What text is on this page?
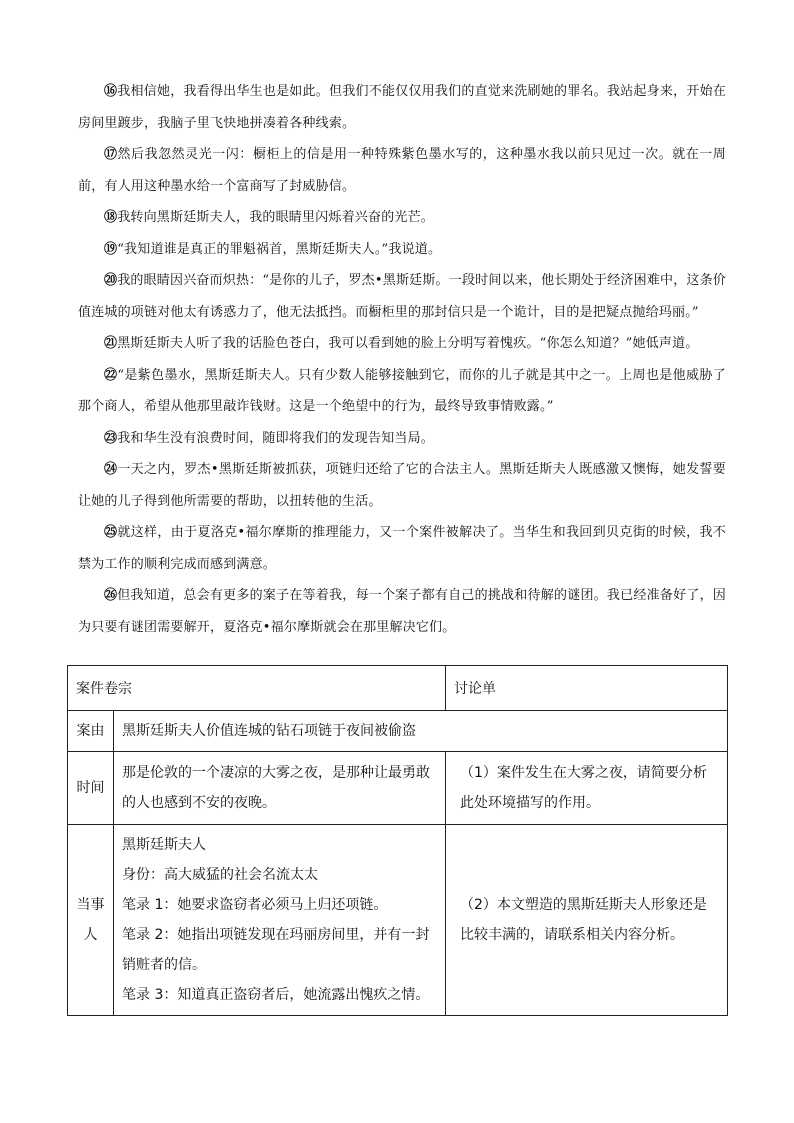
⑯我相信她，我看得出华生也是如此。但我们不能仅仅用我们的直觉来洗刷她的罪名。我站起身来，开始在房间里踱步，我脑子里飞快地拼凑着各种线索。

⑰然后我忽然灵光一闪：橱柜上的信是用一种特殊紫色墨水写的，这种墨水我以前只见过一次。就在一周前，有人用这种墨水给一个富商写了封威胁信。

⑱我转向黑斯廷斯夫人，我的眼睛里闪烁着兴奋的光芒。

⑲“我知道谁是真正的罪魁祸首，黑斯廷斯夫人。”我说道。

⑳我的眼睛因兴奋而炽热：“是你的儿子，罗杰•黑斯廷斯。一段时间以来，他长期处于经济困难中，这条价值连城的项链对他太有诱惑力了，他无法抵挡。而橱柜里的那封信只是一个诡计，目的是把疑点抛给玛丽。”

㉑黑斯廷斯夫人听了我的话脸色苍白，我可以看到她的脸上分明写着愧疚。“你怎么知道？”她低声道。

㉒“是紫色墨水，黑斯廷斯夫人。只有少数人能够接触到它，而你的儿子就是其中之一。上周也是他威胁了那个商人，希望从他那里敲诈钱财。这是一个绝望中的行为，最终导致事情败露。”

㉓我和华生没有浪费时间，随即将我们的发现告知当局。

㉔一天之内，罗杰•黑斯廷斯被抓获，项链归还给了它的合法主人。黑斯廷斯夫人既感激又懊悔，她发誓要让她的儿子得到他所需要的帮助，以扭转他的生活。

㉕就这样，由于夏洛克•福尔摩斯的推理能力，又一个案件被解决了。当华生和我回到贝克街的时候，我不禁为工作的顺利完成而感到满意。

㉖但我知道，总会有更多的案子在等着我，每一个案子都有自己的挑战和待解的谜团。我已经准备好了，因为只要有谜团需要解开，夏洛克•福尔摩斯就会在那里解决它们。

案件卷宗		讨论单
案由	黑斯廷斯夫人价值连城的钻石项链于夜间被偷盗	
时间	那是伦敦的一个凄凉的大雾之夜，是那种让最勇敢的人也感到不安的夜晚。	（1）案件发生在大雾之夜，请简要分析此处环境描写的作用。
当事人	黑斯廷斯夫人
身份：高大威猛的社会名流太太
笔录 1：她要求盗窃者必须马上归还项链。
笔录 2：她指出项链发现在玛丽房间里，并有一封销赃者的信。
笔录 3：知道真正盗窃者后，她流露出愧疚之情。	（2）本文塑造的黑斯廷斯夫人形象还是比较丰满的，请联系相关内容分析。
